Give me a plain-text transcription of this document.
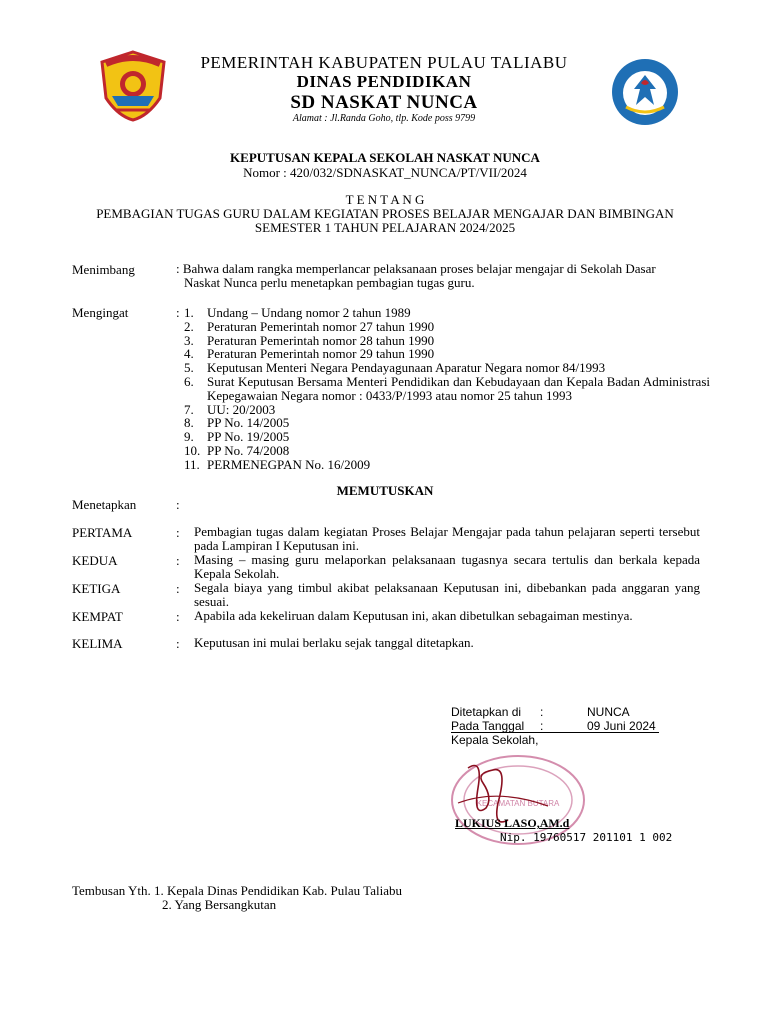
PEMERINTAH KABUPATEN PULAU TALIABU
DINAS PENDIDIKAN
SD NASKAT NUNCA
Alamat : Jl.Randa Goho, tlp. Kode poss 9799
KEPUTUSAN KEPALA SEKOLAH NASKAT NUNCA
Nomor : 420/032/SDNASKAT_NUNCA/PT/VII/2024
T E N T A N G
PEMBAGIAN TUGAS GURU DALAM KEGIATAN PROSES BELAJAR MENGAJAR DAN BIMBINGAN
SEMESTER 1 TAHUN PELAJARAN 2024/2025
Menimbang	: Bahwa dalam rangka memperlancar pelaksanaan proses belajar mengajar di Sekolah Dasar
Naskat Nunca perlu menetapkan pembagian tugas guru.
Mengingat	: 1.	Undang – Undang nomor 2 tahun 1989
2.	Peraturan Pemerintah nomor 27 tahun 1990
3.	Peraturan Pemerintah nomor 28 tahun 1990
4.	Peraturan Pemerintah nomor 29 tahun 1990
5.	Keputusan Menteri Negara Pendayagunaan Aparatur Negara nomor 84/1993
6.	Surat Keputusan Bersama Menteri Pendidikan dan Kebudayaan dan Kepala Badan Administrasi Kepegawaian Negara nomor : 0433/P/1993 atau nomor 25 tahun 1993
7.	UU: 20/2003
8.	PP No. 14/2005
9.	PP No. 19/2005
10. PP No. 74/2008
11. PERMENEGPAN No. 16/2009
MEMUTUSKAN
Menetapkan	:
PERTAMA	: Pembagian tugas dalam kegiatan Proses Belajar Mengajar pada tahun pelajaran seperti tersebut pada Lampiran I Keputusan ini.
KEDUA	: Masing – masing guru melaporkan pelaksanaan tugasnya secara tertulis dan berkala kepada Kepala Sekolah.
KETIGA	: Segala biaya yang timbul akibat pelaksanaan Keputusan ini, dibebankan pada anggaran yang sesuai.
KEMPAT	: Apabila ada kekeliruan dalam Keputusan ini, akan dibetulkan sebagaiman mestinya.
KELIMA	: Keputusan ini mulai berlaku sejak tanggal ditetapkan.
Ditetapkan di :	NUNCA
Pada Tanggal :	09 Juni 2024
Kepala Sekolah,
KECAMATAN BUTARA
LUKIUS LASO,AM.d
Nip. 19760517 201101 1 002
Tembusan Yth. 1. Kepala Dinas Pendidikan Kab. Pulau Taliabu
2. Yang Bersangkutan
